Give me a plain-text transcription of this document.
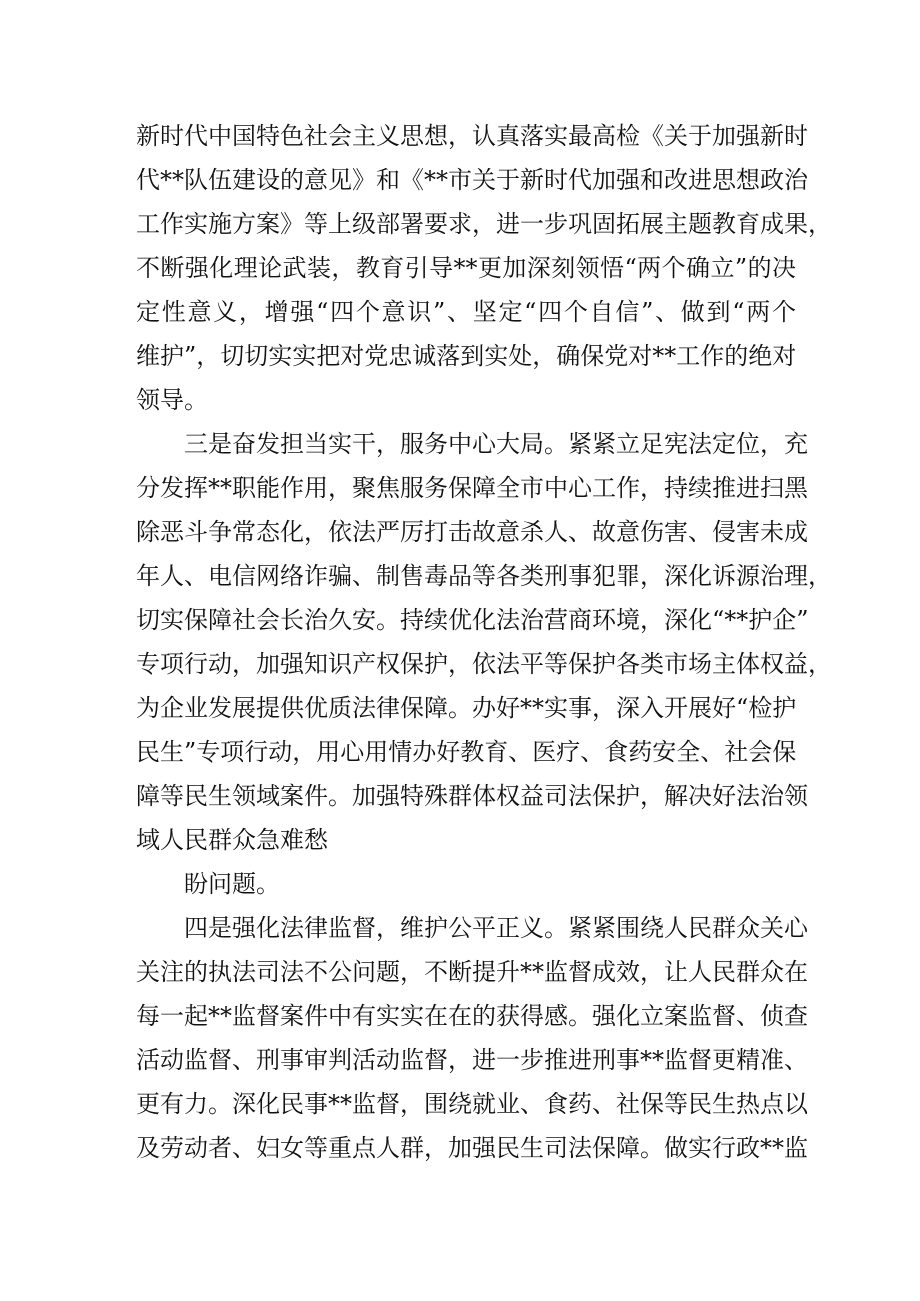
新时代中国特色社会主义思想，认真落实最高检《关于加强新时
代**队伍建设的意见》和《**市关于新时代加强和改进思想政治
工作实施方案》等上级部署要求，进一步巩固拓展主题教育成果，
不断强化理论武装，教育引导**更加深刻领悟“两个确立”的决
定性意义，增强“四个意识”、坚定“四个自信”、做到“两个
维护”，切切实实把对党忠诚落到实处，确保党对**工作的绝对
领导。
三是奋发担当实干，服务中心大局。紧紧立足宪法定位，充
分发挥**职能作用，聚焦服务保障全市中心工作，持续推进扫黑
除恶斗争常态化，依法严厉打击故意杀人、故意伤害、侵害未成
年人、电信网络诈骗、制售毒品等各类刑事犯罪，深化诉源治理，
切实保障社会长治久安。持续优化法治营商环境，深化“**护企”
专项行动，加强知识产权保护，依法平等保护各类市场主体权益，
为企业发展提供优质法律保障。办好**实事，深入开展好“检护
民生”专项行动，用心用情办好教育、医疗、食药安全、社会保
障等民生领域案件。加强特殊群体权益司法保护，解决好法治领
域人民群众急难愁
盼问题。
四是强化法律监督，维护公平正义。紧紧围绕人民群众关心
关注的执法司法不公问题，不断提升**监督成效，让人民群众在
每一起**监督案件中有实实在在的获得感。强化立案监督、侦查
活动监督、刑事审判活动监督，进一步推进刑事**监督更精准、
更有力。深化民事**监督，围绕就业、食药、社保等民生热点以
及劳动者、妇女等重点人群，加强民生司法保障。做实行政**监
